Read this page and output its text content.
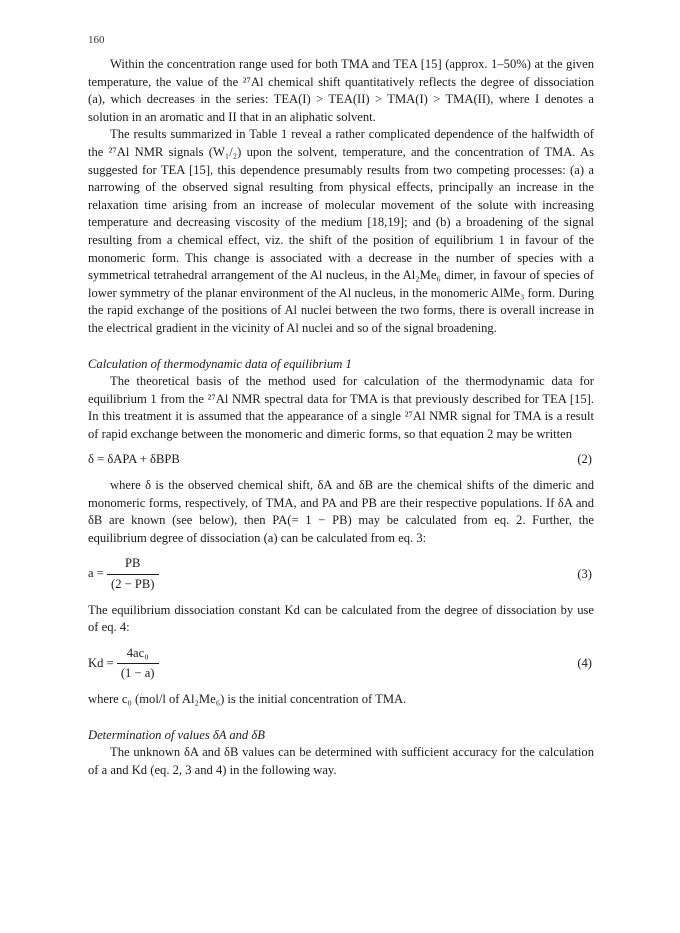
160

Within the concentration range used for both TMA and TEA [15] (approx. 1–50%) at the given temperature, the value of the ²⁷Al chemical shift quantitatively reflects the degree of dissociation (a), which decreases in the series: TEA(I) > TEA(II) > TMA(I) > TMA(II), where I denotes a solution in an aromatic and II that in an aliphatic solvent.

The results summarized in Table 1 reveal a rather complicated dependence of the halfwidth of the ²⁷Al NMR signals (W₁/₂) upon the solvent, temperature, and the concentration of TMA. As suggested for TEA [15], this dependence presumably results from two competing processes: (a) a narrowing of the observed signal resulting from physical effects, principally an increase in the relaxation time arising from an increase of molecular movement of the solute with increasing temperature and decreasing viscosity of the medium [18,19]; and (b) a broadening of the signal resulting from a chemical effect, viz. the shift of the position of equilibrium 1 in favour of the monomeric form. This change is associated with a decrease in the number of species with a symmetrical tetrahedral arrangement of the Al nucleus, in the Al₂Me₆ dimer, in favour of species of lower symmetry of the planar environment of the Al nucleus, in the monomeric AlMe₃ form. During the rapid exchange of the positions of Al nuclei between the two forms, there is overall increase in the electrical gradient in the vicinity of Al nuclei and so of the signal broadening.

Calculation of thermodynamic data of equilibrium 1

The theoretical basis of the method used for calculation of the thermodynamic data for equilibrium 1 from the ²⁷Al NMR spectral data for TMA is that previously described for TEA [15]. In this treatment it is assumed that the appearance of a single ²⁷Al NMR signal for TMA is a result of rapid exchange between the monomeric and dimeric forms, so that equation 2 may be written

δ = δAPA + δBPB	(2)

where δ is the observed chemical shift, δA and δB are the chemical shifts of the dimeric and monomeric forms, respectively, of TMA, and PA and PB are their respective populations. If δA and δB are known (see below), then PA(= 1 − PB) may be calculated from eq. 2. Further, the equilibrium degree of dissociation (a) can be calculated from eq. 3:

$a = \frac{PB}{(2 - PB)}$	(3)

The equilibrium dissociation constant Kd can be calculated from the degree of dissociation by use of eq. 4:

$Kd = \frac{\text{4ac₀}}{(1 - a)}$	(4)

where c₀ (mol/l of Al₂Me₆) is the initial concentration of TMA.

Determination of values δA and δB

The unknown δA and δB values can be determined with sufficient accuracy for the calculation of a and Kd (eq. 2, 3 and 4) in the following way.
